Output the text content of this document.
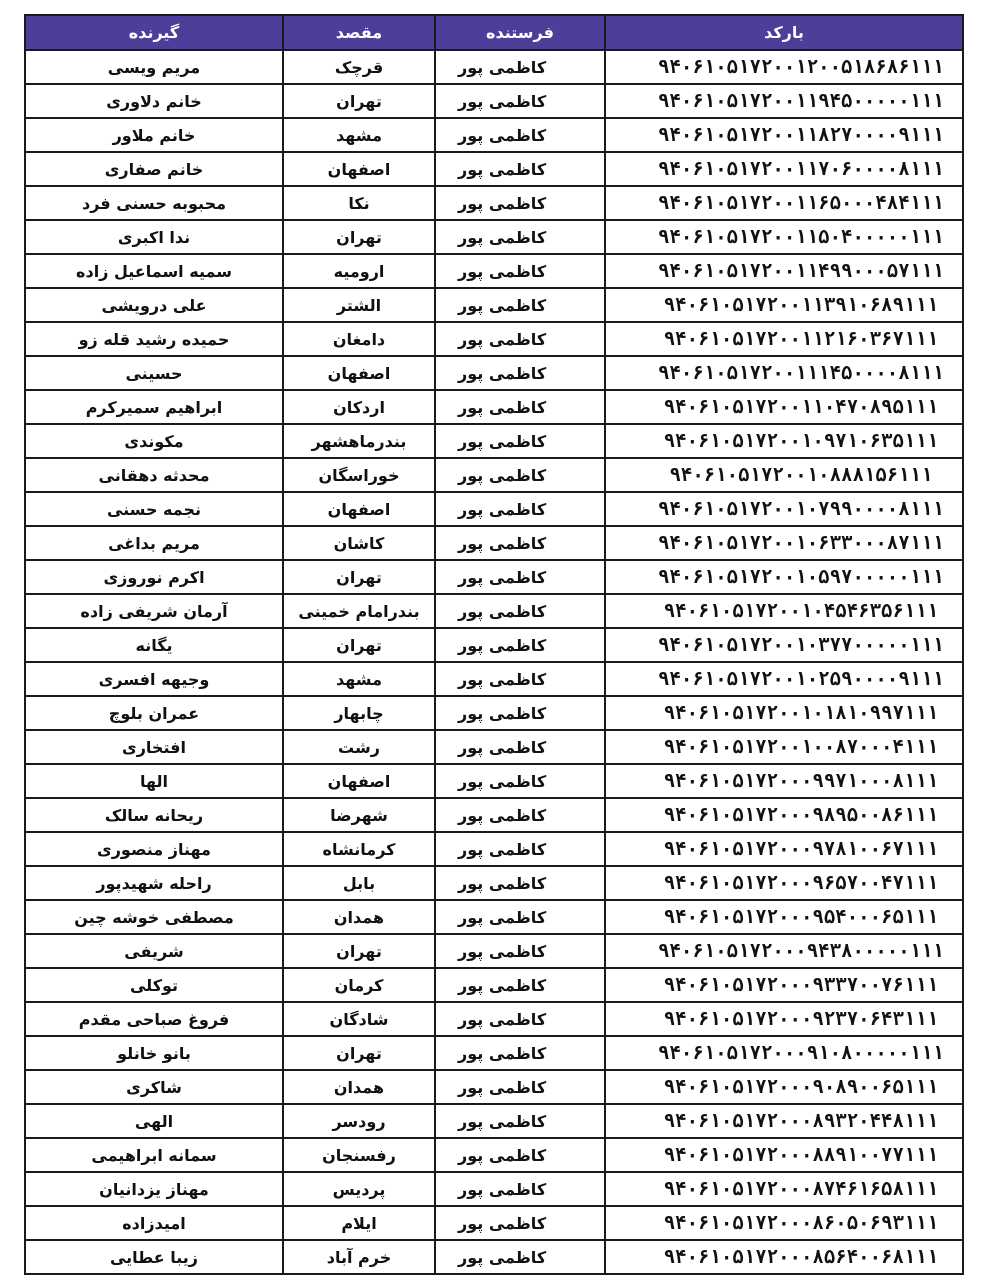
بارکد	فرستنده	مقصد	گیرنده
۹۴۰۶۱۰۵۱۷۲۰۰۱۲۰۰۵۱۸۶۸۶۱۱۱	کاظمی پور	قرچک	مریم ویسی
۹۴۰۶۱۰۵۱۷۲۰۰۱۱۹۴۵۰۰۰۰۰۱۱۱	کاظمی پور	تهران	خانم دلاوری
۹۴۰۶۱۰۵۱۷۲۰۰۱۱۸۲۷۰۰۰۰۹۱۱۱	کاظمی پور	مشهد	خانم ملاور
۹۴۰۶۱۰۵۱۷۲۰۰۱۱۷۰۶۰۰۰۰۸۱۱۱	کاظمی پور	اصفهان	خانم صفاری
۹۴۰۶۱۰۵۱۷۲۰۰۱۱۶۵۰۰۰۴۸۴۱۱۱	کاظمی پور	نکا	محبوبه حسنی فرد
۹۴۰۶۱۰۵۱۷۲۰۰۱۱۵۰۴۰۰۰۰۰۱۱۱	کاظمی پور	تهران	ندا اکبری
۹۴۰۶۱۰۵۱۷۲۰۰۱۱۴۹۹۰۰۰۵۷۱۱۱	کاظمی پور	ارومیه	سمیه اسماعیل زاده
۹۴۰۶۱۰۵۱۷۲۰۰۱۱۳۹۱۰۶۸۹۱۱۱	کاظمی پور	الشتر	علی درویشی
۹۴۰۶۱۰۵۱۷۲۰۰۱۱۲۱۶۰۳۶۷۱۱۱	کاظمی پور	دامغان	حمیده رشید قله زو
۹۴۰۶۱۰۵۱۷۲۰۰۱۱۱۴۵۰۰۰۰۸۱۱۱	کاظمی پور	اصفهان	حسینی
۹۴۰۶۱۰۵۱۷۲۰۰۱۱۰۴۷۰۸۹۵۱۱۱	کاظمی پور	اردکان	ابراهیم سمیرکرم
۹۴۰۶۱۰۵۱۷۲۰۰۱۰۹۷۱۰۶۳۵۱۱۱	کاظمی پور	بندرماهشهر	مکوندی
۹۴۰۶۱۰۵۱۷۲۰۰۱۰۸۸۸۱۵۶۱۱۱	کاظمی پور	خوراسگان	محدثه دهقانی
۹۴۰۶۱۰۵۱۷۲۰۰۱۰۷۹۹۰۰۰۰۸۱۱۱	کاظمی پور	اصفهان	نجمه حسنی
۹۴۰۶۱۰۵۱۷۲۰۰۱۰۶۳۳۰۰۰۸۷۱۱۱	کاظمی پور	کاشان	مریم بداغی
۹۴۰۶۱۰۵۱۷۲۰۰۱۰۵۹۷۰۰۰۰۰۱۱۱	کاظمی پور	تهران	اکرم نوروزی
۹۴۰۶۱۰۵۱۷۲۰۰۱۰۴۵۴۶۳۵۶۱۱۱	کاظمی پور	بندرامام خمینی	آرمان شریفی زاده
۹۴۰۶۱۰۵۱۷۲۰۰۱۰۳۷۷۰۰۰۰۰۱۱۱	کاظمی پور	تهران	یگانه
۹۴۰۶۱۰۵۱۷۲۰۰۱۰۲۵۹۰۰۰۰۹۱۱۱	کاظمی پور	مشهد	وجیهه افسری
۹۴۰۶۱۰۵۱۷۲۰۰۱۰۱۸۱۰۹۹۷۱۱۱	کاظمی پور	چابهار	عمران بلوچ
۹۴۰۶۱۰۵۱۷۲۰۰۱۰۰۸۷۰۰۰۴۱۱۱	کاظمی پور	رشت	افتخاری
۹۴۰۶۱۰۵۱۷۲۰۰۰۹۹۷۱۰۰۰۸۱۱۱	کاظمی پور	اصفهان	الها
۹۴۰۶۱۰۵۱۷۲۰۰۰۹۸۹۵۰۰۸۶۱۱۱	کاظمی پور	شهرضا	ریحانه سالک
۹۴۰۶۱۰۵۱۷۲۰۰۰۹۷۸۱۰۰۶۷۱۱۱	کاظمی پور	کرمانشاه	مهناز منصوری
۹۴۰۶۱۰۵۱۷۲۰۰۰۹۶۵۷۰۰۴۷۱۱۱	کاظمی پور	بابل	راحله شهیدپور
۹۴۰۶۱۰۵۱۷۲۰۰۰۹۵۴۰۰۰۶۵۱۱۱	کاظمی پور	همدان	مصطفی خوشه چین
۹۴۰۶۱۰۵۱۷۲۰۰۰۹۴۳۸۰۰۰۰۰۱۱۱	کاظمی پور	تهران	شریفی
۹۴۰۶۱۰۵۱۷۲۰۰۰۹۳۳۷۰۰۷۶۱۱۱	کاظمی پور	کرمان	توکلی
۹۴۰۶۱۰۵۱۷۲۰۰۰۹۲۳۷۰۶۴۳۱۱۱	کاظمی پور	شادگان	فروغ صباحی مقدم
۹۴۰۶۱۰۵۱۷۲۰۰۰۹۱۰۸۰۰۰۰۰۱۱۱	کاظمی پور	تهران	بانو خانلو
۹۴۰۶۱۰۵۱۷۲۰۰۰۹۰۸۹۰۰۶۵۱۱۱	کاظمی پور	همدان	شاکری
۹۴۰۶۱۰۵۱۷۲۰۰۰۸۹۳۲۰۴۴۸۱۱۱	کاظمی پور	رودسر	الهی
۹۴۰۶۱۰۵۱۷۲۰۰۰۸۸۹۱۰۰۷۷۱۱۱	کاظمی پور	رفسنجان	سمانه ابراهیمی
۹۴۰۶۱۰۵۱۷۲۰۰۰۸۷۴۶۱۶۵۸۱۱۱	کاظمی پور	پردیس	مهناز یزدانیان
۹۴۰۶۱۰۵۱۷۲۰۰۰۸۶۰۵۰۶۹۳۱۱۱	کاظمی پور	ایلام	امیدزاده
۹۴۰۶۱۰۵۱۷۲۰۰۰۸۵۶۴۰۰۶۸۱۱۱	کاظمی پور	خرم آباد	زیبا عطایی
